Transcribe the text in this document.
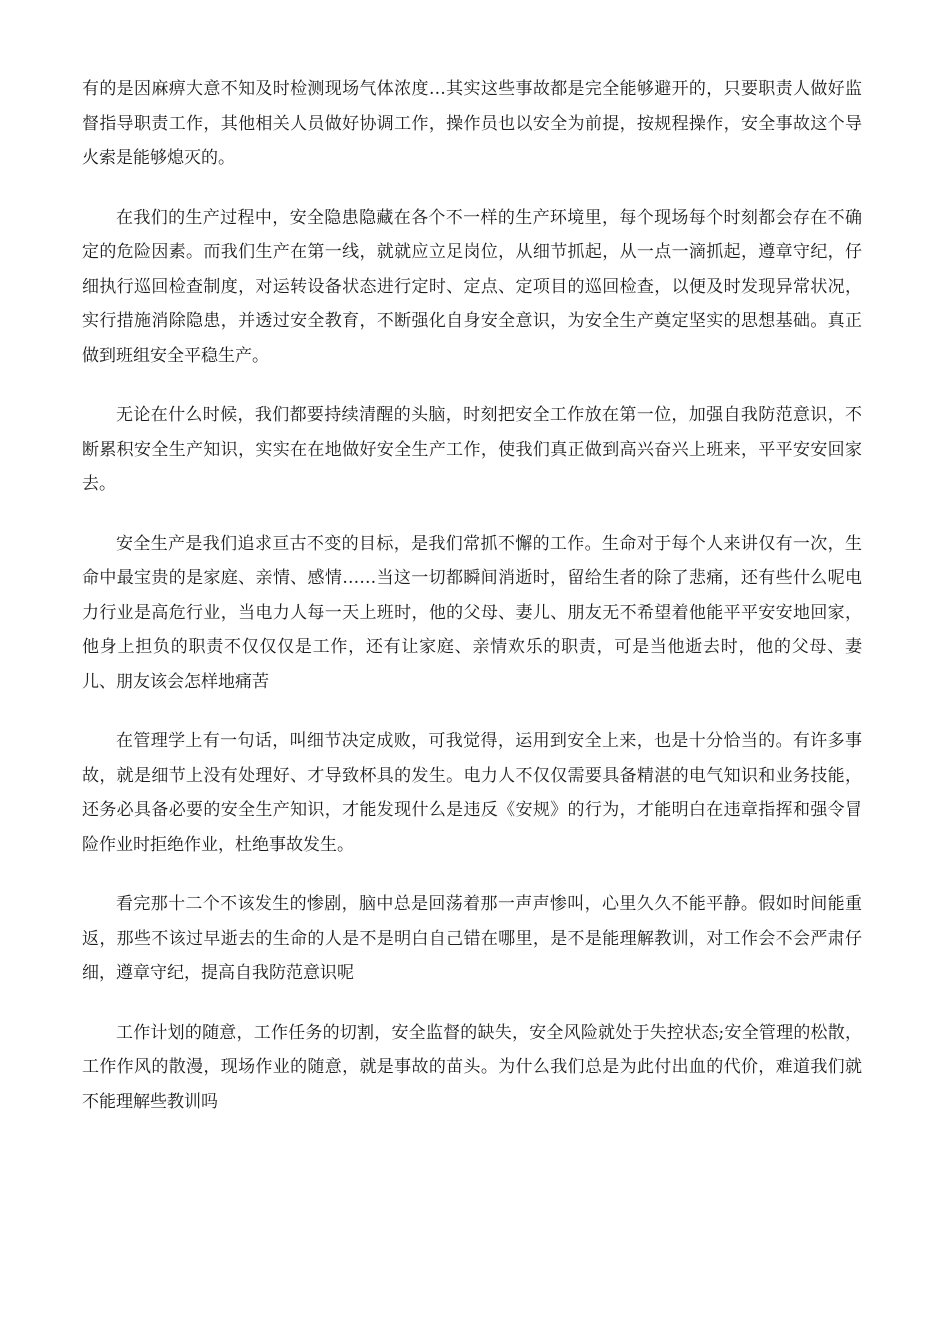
有的是因麻痹大意不知及时检测现场气体浓度…其实这些事故都是完全能够避开的，只要职责人做好监督指导职责工作，其他相关人员做好协调工作，操作员也以安全为前提，按规程操作，安全事故这个导火索是能够熄灭的。

在我们的生产过程中，安全隐患隐藏在各个不一样的生产环境里，每个现场每个时刻都会存在不确定的危险因素。而我们生产在第一线，就就应立足岗位，从细节抓起，从一点一滴抓起，遵章守纪，仔细执行巡回检查制度，对运转设备状态进行定时、定点、定项目的巡回检查，以便及时发现异常状况，实行措施消除隐患，并透过安全教育，不断强化自身安全意识，为安全生产奠定坚实的思想基础。真正做到班组安全平稳生产。

无论在什么时候，我们都要持续清醒的头脑，时刻把安全工作放在第一位，加强自我防范意识，不断累积安全生产知识，实实在在地做好安全生产工作，使我们真正做到高兴奋兴上班来，平平安安回家去。

安全生产是我们追求亘古不变的目标，是我们常抓不懈的工作。生命对于每个人来讲仅有一次，生命中最宝贵的是家庭、亲情、感情……当这一切都瞬间消逝时，留给生者的除了悲痛，还有些什么呢电力行业是高危行业，当电力人每一天上班时，他的父母、妻儿、朋友无不希望着他能平平安安地回家，他身上担负的职责不仅仅仅是工作，还有让家庭、亲情欢乐的职责，可是当他逝去时，他的父母、妻儿、朋友该会怎样地痛苦

在管理学上有一句话，叫细节决定成败，可我觉得，运用到安全上来，也是十分恰当的。有许多事故，就是细节上没有处理好、才导致杯具的发生。电力人不仅仅需要具备精湛的电气知识和业务技能，还务必具备必要的安全生产知识，才能发现什么是违反《安规》的行为，才能明白在违章指挥和强令冒险作业时拒绝作业，杜绝事故发生。

看完那十二个不该发生的惨剧，脑中总是回荡着那一声声惨叫，心里久久不能平静。假如时间能重返，那些不该过早逝去的生命的人是不是明白自己错在哪里，是不是能理解教训，对工作会不会严肃仔细，遵章守纪，提高自我防范意识呢

工作计划的随意，工作任务的切割，安全监督的缺失，安全风险就处于失控状态;安全管理的松散，工作作风的散漫，现场作业的随意，就是事故的苗头。为什么我们总是为此付出血的代价，难道我们就不能理解些教训吗
